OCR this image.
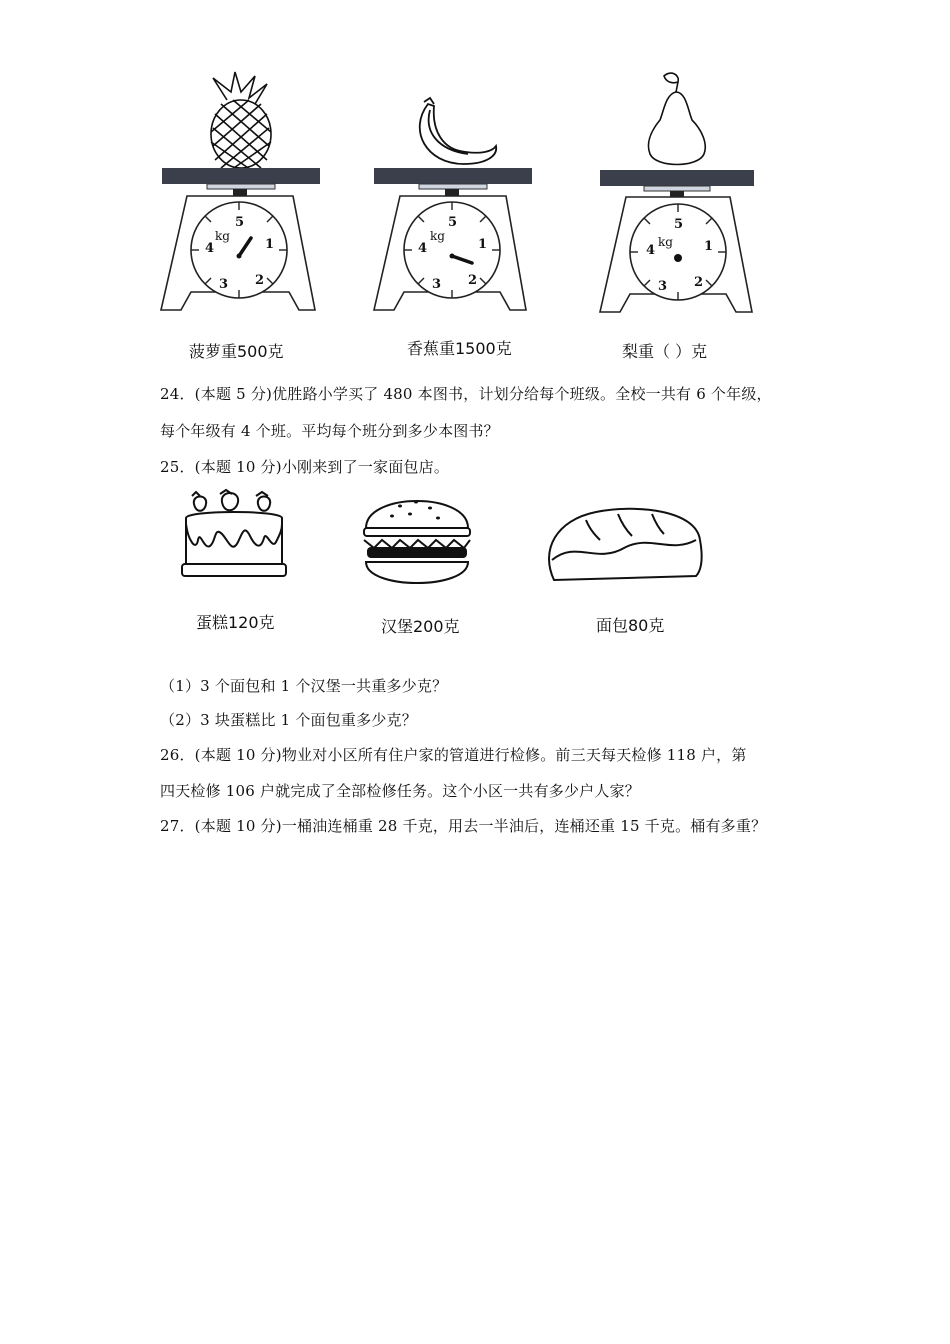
5
1
2
3
4
kg
菠萝重500克
5
1
2
3
4
kg
香蕉重1500克
5
1
2
3
4
kg
梨重（ ）克
24．(本题 5 分)优胜路小学买了 480 本图书，计划分给每个班级。全校一共有 6 个年级，
每个年级有 4 个班。平均每个班分到多少本图书？
25．(本题 10 分)小刚来到了一家面包店。
蛋糕120克	汉堡200克	面包80克
（1）3 个面包和 1 个汉堡一共重多少克？
（2）3 块蛋糕比 1 个面包重多少克？
26．(本题 10 分)物业对小区所有住户家的管道进行检修。前三天每天检修 118 户，第
四天检修 106 户就完成了全部检修任务。这个小区一共有多少户人家？
27．(本题 10 分)一桶油连桶重 28 千克，用去一半油后，连桶还重 15 千克。桶有多重？
